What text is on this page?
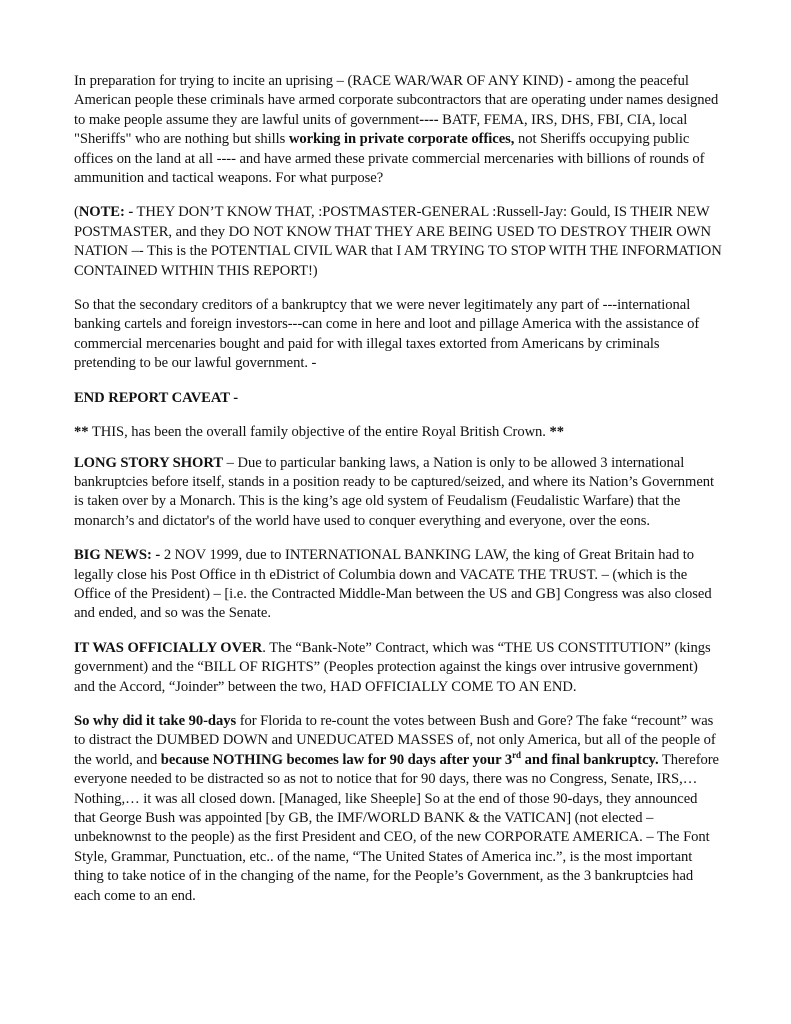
In preparation for trying to incite an uprising – (RACE WAR/WAR OF ANY KIND) - among the peaceful American people these criminals have armed corporate subcontractors that are operating under names designed to make people assume they are lawful units of government---- BATF, FEMA, IRS, DHS, FBI, CIA, local "Sheriffs" who are nothing but shills working in private corporate offices, not Sheriffs occupying public offices on the land at all ---- and have armed these private commercial mercenaries with billions of rounds of ammunition and tactical weapons. For what purpose?

(NOTE: - THEY DON’T KNOW THAT, :POSTMASTER-GENERAL :Russell-Jay: Gould, IS THEIR NEW POSTMASTER, and they DO NOT KNOW THAT THEY ARE BEING USED TO DESTROY THEIR OWN NATION –- This is the POTENTIAL CIVIL WAR that I AM TRYING TO STOP WITH THE INFORMATION CONTAINED WITHIN THIS REPORT!)

So that the secondary creditors of a bankruptcy that we were never legitimately any part of ---international banking cartels and foreign investors---can come in here and loot and pillage America with the assistance of commercial mercenaries bought and paid for with illegal taxes extorted from Americans by criminals pretending to be our lawful government. -

END REPORT CAVEAT -

** THIS, has been the overall family objective of the entire Royal British Crown. **

LONG STORY SHORT – Due to particular banking laws, a Nation is only to be allowed 3 international bankruptcies before itself, stands in a position ready to be captured/seized, and where its Nation’s Government is taken over by a Monarch. This is the king’s age old system of Feudalism (Feudalistic Warfare) that the monarch’s and dictator's of the world have used to conquer everything and everyone, over the eons.

BIG NEWS: - 2 NOV 1999, due to INTERNATIONAL BANKING LAW, the king of Great Britain had to legally close his Post Office in th eDistrict of Columbia down and VACATE THE TRUST. – (which is the Office of the President) – [i.e. the Contracted Middle-Man between the US and GB] Congress was also closed and ended, and so was the Senate.

IT WAS OFFICIALLY OVER. The “Bank-Note” Contract, which was “THE US CONSTITUTION” (kings government) and the “BILL OF RIGHTS” (Peoples protection against the kings over intrusive government) and the Accord, “Joinder” between the two, HAD OFFICIALLY COME TO AN END.

So why did it take 90-days for Florida to re-count the votes between Bush and Gore? The fake “recount” was to distract the DUMBED DOWN and UNEDUCATED MASSES of, not only America, but all of the people of the world, and because NOTHING becomes law for 90 days after your 3rd and final bankruptcy. Therefore everyone needed to be distracted so as not to notice that for 90 days, there was no Congress, Senate, IRS,… Nothing,… it was all closed down. [Managed, like Sheeple] So at the end of those 90-days, they announced that George Bush was appointed [by GB, the IMF/WORLD BANK & the VATICAN] (not elected – unbeknownst to the people) as the first President and CEO, of the new CORPORATE AMERICA. – The Font Style, Grammar, Punctuation, etc.. of the name, “The United States of America inc.”, is the most important thing to take notice of in the changing of the name, for the People’s Government, as the 3 bankruptcies had each come to an end.
